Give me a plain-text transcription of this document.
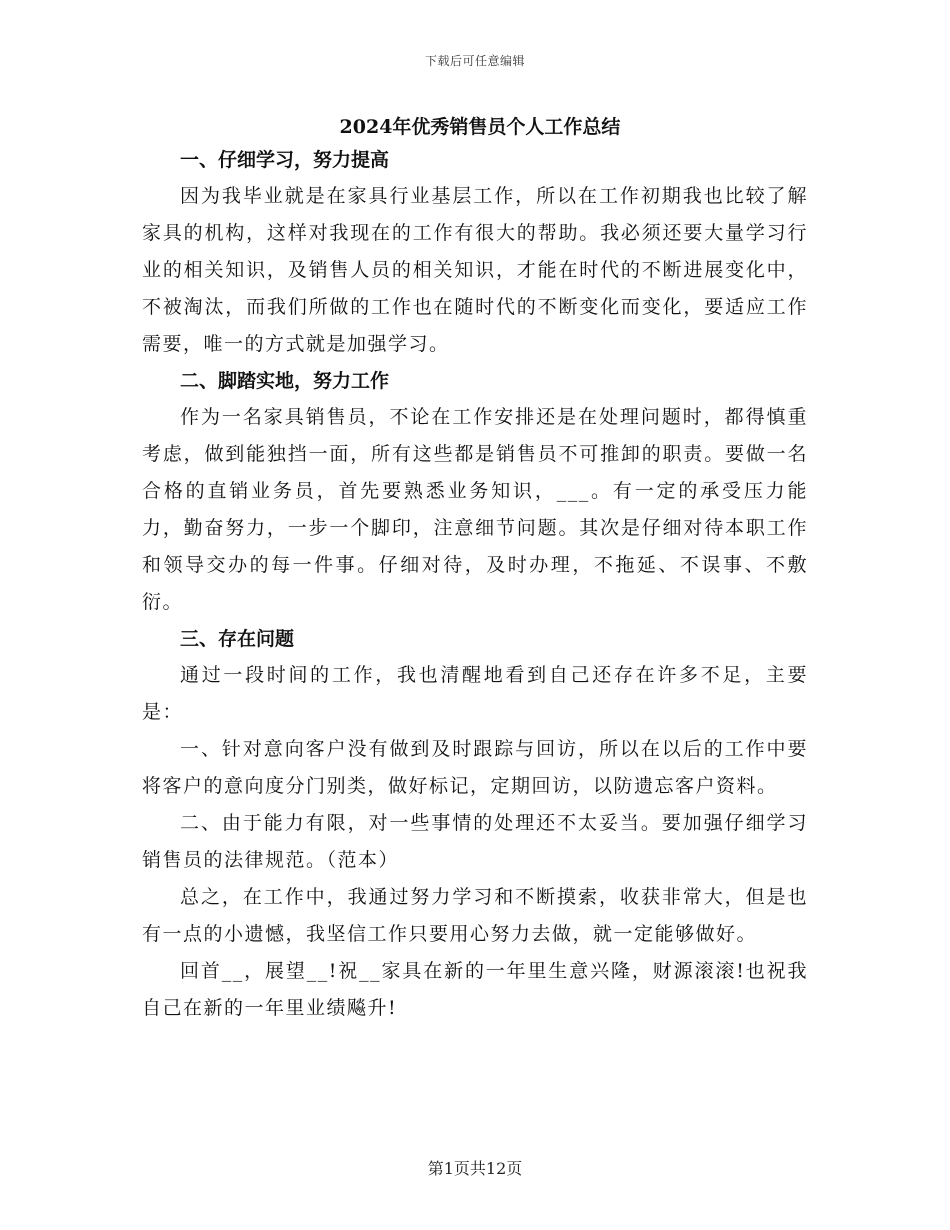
下载后可任意编辑
2024年优秀销售员个人工作总结
一、仔细学习，努力提高

因为我毕业就是在家具行业基层工作，所以在工作初期我也比较了解家具的机构，这样对我现在的工作有很大的帮助。我必须还要大量学习行业的相关知识，及销售人员的相关知识，才能在时代的不断进展变化中，不被淘汰，而我们所做的工作也在随时代的不断变化而变化，要适应工作需要，唯一的方式就是加强学习。

二、脚踏实地，努力工作

作为一名家具销售员，不论在工作安排还是在处理问题时，都得慎重考虑，做到能独挡一面，所有这些都是销售员不可推卸的职责。要做一名合格的直销业务员，首先要熟悉业务知识，___。有一定的承受压力能力，勤奋努力，一步一个脚印，注意细节问题。其次是仔细对待本职工作和领导交办的每一件事。仔细对待，及时办理，不拖延、不误事、不敷衍。

三、存在问题

通过一段时间的工作，我也清醒地看到自己还存在许多不足，主要是：

一、针对意向客户没有做到及时跟踪与回访，所以在以后的工作中要将客户的意向度分门别类，做好标记，定期回访，以防遗忘客户资料。

二、由于能力有限，对一些事情的处理还不太妥当。要加强仔细学习销售员的法律规范。（范本）

总之，在工作中，我通过努力学习和不断摸索，收获非常大，但是也有一点的小遗憾，我坚信工作只要用心努力去做，就一定能够做好。

回首__，展望__!祝__家具在新的一年里生意兴隆，财源滚滚!也祝我自己在新的一年里业绩飚升!

第1页共12页
